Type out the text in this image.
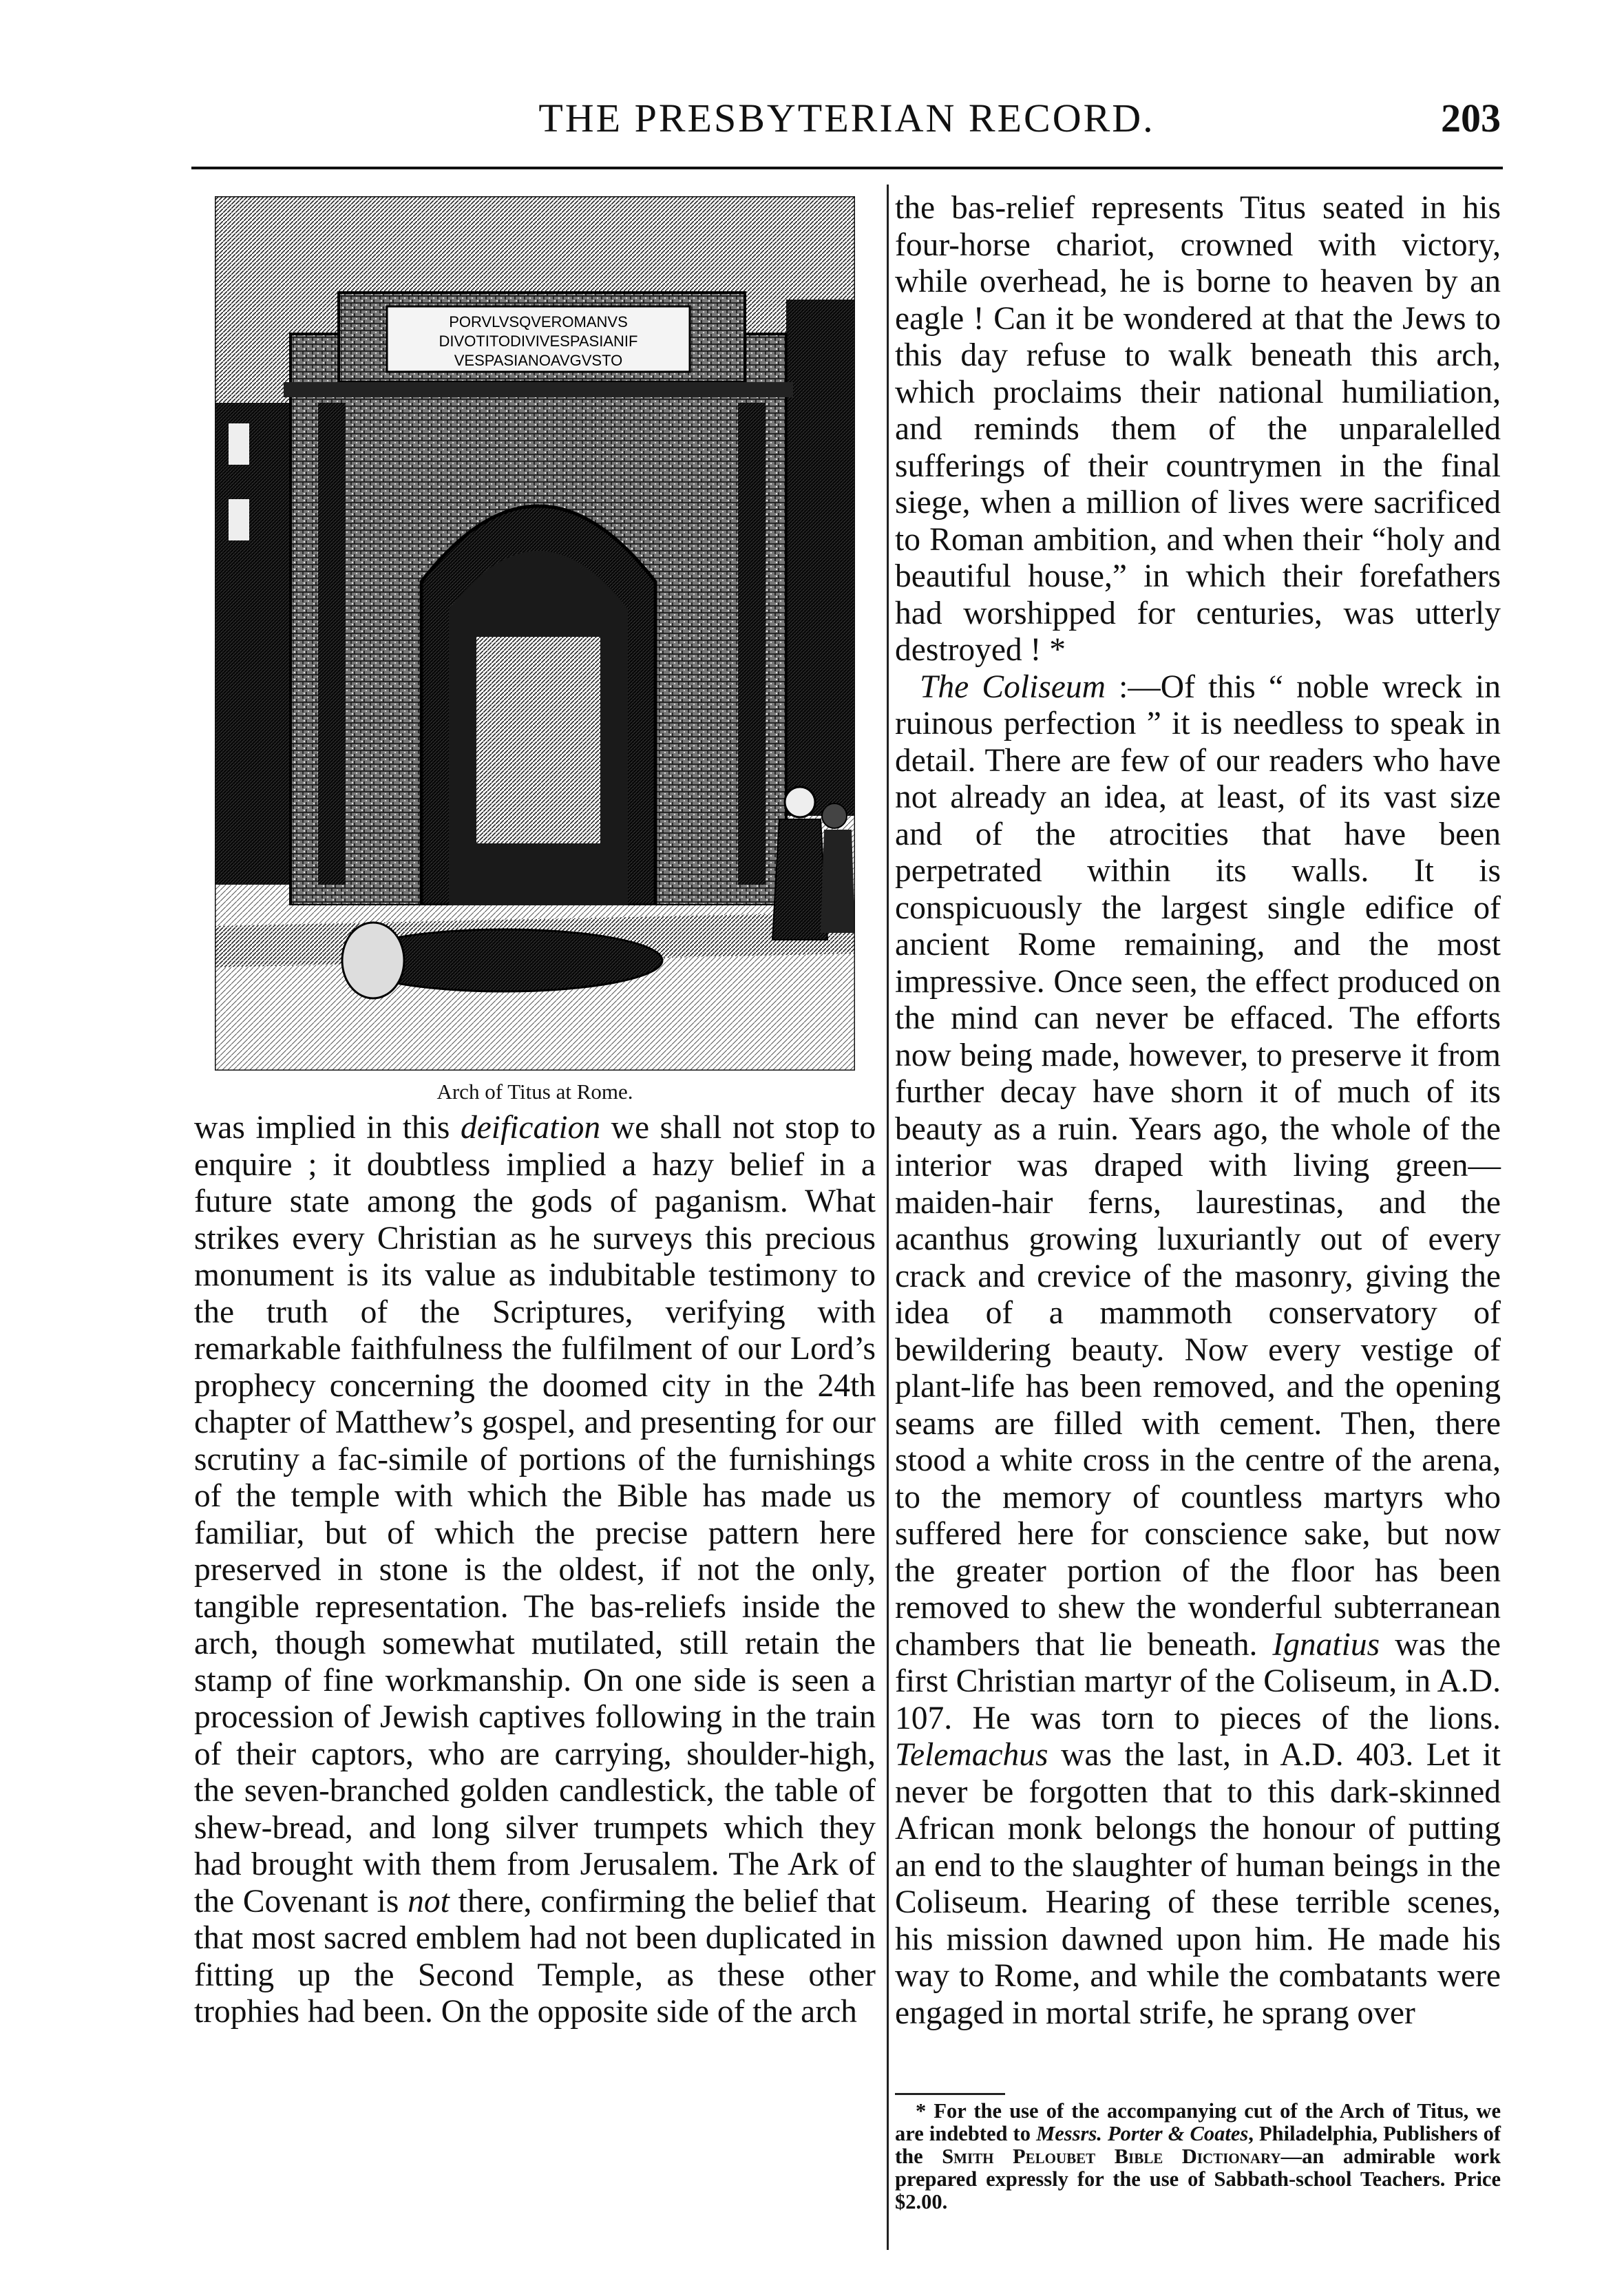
THE PRESBYTERIAN RECORD.	203
PORVLVSQVEROMANVS
DIVOTITODIVIVESPASIANIF
VESPASIANOAVGVSTO
Arch of Titus at Rome.

was implied in this deification we shall not stop to enquire ; it doubtless implied a hazy belief in a future state among the gods of paganism. What strikes every Christian as he surveys this precious monument is its value as indubitable testimony to the truth of the Scriptures, verifying with remarkable faithfulness the fulfilment of our Lord’s prophecy concerning the doomed city in the 24th chapter of Matthew’s gospel, and presenting for our scrutiny a fac-simile of portions of the furnishings of the temple with which the Bible has made us familiar, but of which the precise pattern here preserved in stone is the oldest, if not the only, tangible representation. The bas-reliefs inside the arch, though somewhat mutilated, still retain the stamp of fine workmanship. On one side is seen a procession of Jewish captives following in the train of their captors, who are carrying, shoulder-high, the seven-branched golden candlestick, the table of shew-bread, and long silver trumpets which they had brought with them from Jerusalem. The Ark of the Covenant is not there, confirming the belief that that most sacred emblem had not been duplicated in fitting up the Second Temple, as these other trophies had been. On the opposite side of the arch

the bas-relief represents Titus seated in his four-horse chariot, crowned with victory, while overhead, he is borne to heaven by an eagle ! Can it be wondered at that the Jews to this day refuse to walk beneath this arch, which proclaims their national humiliation, and reminds them of the unparalelled sufferings of their countrymen in the final siege, when a million of lives were sacrificed to Roman ambition, and when their “holy and beautiful house,” in which their forefathers had worshipped for centuries, was utterly destroyed ! *

The Coliseum :—Of this “ noble wreck in ruinous perfection ” it is needless to speak in detail. There are few of our readers who have not already an idea, at least, of its vast size and of the atrocities that have been perpetrated within its walls. It is conspicuously the largest single edifice of ancient Rome remaining, and the most impressive. Once seen, the effect produced on the mind can never be effaced. The efforts now being made, however, to preserve it from further decay have shorn it of much of its beauty as a ruin. Years ago, the whole of the interior was draped with living green—maiden-hair ferns, laurestinas, and the acanthus growing luxuriantly out of every crack and crevice of the masonry, giving the idea of a mammoth conservatory of bewildering beauty. Now every vestige of plant-life has been removed, and the opening seams are filled with cement. Then, there stood a white cross in the centre of the arena, to the memory of countless martyrs who suffered here for conscience sake, but now the greater portion of the floor has been removed to shew the wonderful subterranean chambers that lie beneath. Ignatius was the first Christian martyr of the Coliseum, in A.D. 107. He was torn to pieces of the lions. Telemachus was the last, in A.D. 403. Let it never be forgotten that to this dark-skinned African monk belongs the honour of putting an end to the slaughter of human beings in the Coliseum. Hearing of these terrible scenes, his mission dawned upon him. He made his way to Rome, and while the combatants were engaged in mortal strife, he sprang over

* For the use of the accompanying cut of the Arch of Titus, we are indebted to Messrs. Porter & Coates, Philadelphia, Publishers of the Smith Peloubet Bible Dictionary—an admirable work prepared expressly for the use of Sabbath-school Teachers. Price $2.00.
